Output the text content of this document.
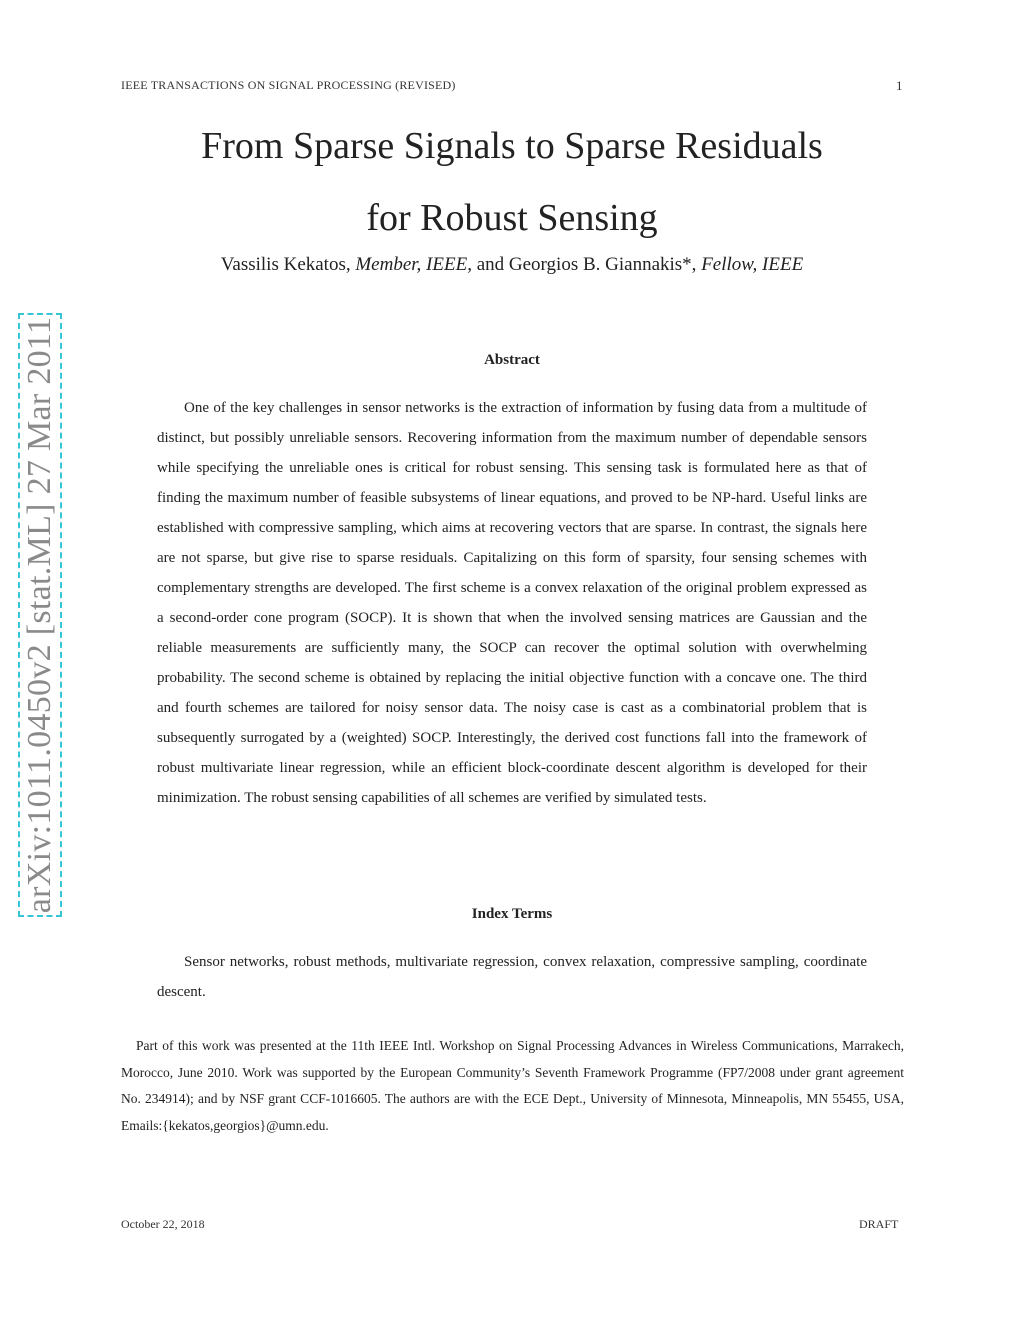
IEEE TRANSACTIONS ON SIGNAL PROCESSING (REVISED)	1
From Sparse Signals to Sparse Residuals
for Robust Sensing
Vassilis Kekatos, Member, IEEE, and Georgios B. Giannakis*, Fellow, IEEE
arXiv:1011.0450v2 [stat.ML] 27 Mar 2011	Abstract
One of the key challenges in sensor networks is the extraction of information by fusing data from a multitude of distinct, but possibly unreliable sensors. Recovering information from the maximum number of dependable sensors while specifying the unreliable ones is critical for robust sensing. This sensing task is formulated here as that of finding the maximum number of feasible subsystems of linear equations, and proved to be NP-hard. Useful links are established with compressive sampling, which aims at recovering vectors that are sparse. In contrast, the signals here are not sparse, but give rise to sparse residuals. Capitalizing on this form of sparsity, four sensing schemes with complementary strengths are developed. The first scheme is a convex relaxation of the original problem expressed as a second-order cone program (SOCP). It is shown that when the involved sensing matrices are Gaussian and the reliable measurements are sufficiently many, the SOCP can recover the optimal solution with overwhelming probability. The second scheme is obtained by replacing the initial objective function with a concave one. The third and fourth schemes are tailored for noisy sensor data. The noisy case is cast as a combinatorial problem that is subsequently surrogated by a (weighted) SOCP. Interestingly, the derived cost functions fall into the framework of robust multivariate linear regression, while an efficient block-coordinate descent algorithm is developed for their minimization. The robust sensing capabilities of all schemes are verified by simulated tests.
Index Terms
Sensor networks, robust methods, multivariate regression, convex relaxation, compressive sampling, coordinate descent.
Part of this work was presented at the 11th IEEE Intl. Workshop on Signal Processing Advances in Wireless Communications, Marrakech, Morocco, June 2010. Work was supported by the European Community’s Seventh Framework Programme (FP7/2008 under grant agreement No. 234914); and by NSF grant CCF-1016605. The authors are with the ECE Dept., University of Minnesota, Minneapolis, MN 55455, USA, Emails:{kekatos,georgios}@umn.edu.
October 22, 2018	DRAFT
